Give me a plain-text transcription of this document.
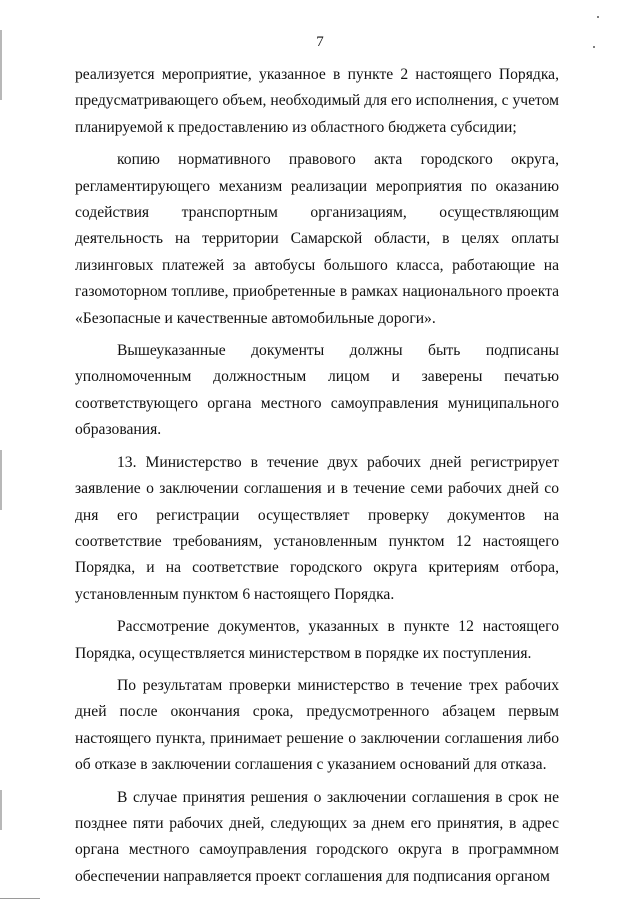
7

реализуется мероприятие, указанное в пункте 2 настоящего Порядка, предусматривающего объем, необходимый для его исполнения, с учетом планируемой к предоставлению из областного бюджета субсидии;

копию нормативного правового акта городского округа, регламентирующего механизм реализации мероприятия по оказанию содействия транспортным организациям, осуществляющим деятельность на территории Самарской области, в целях оплаты лизинговых платежей за автобусы большого класса, работающие на газомоторном топливе, приобретенные в рамках национального проекта «Безопасные и качественные автомобильные дороги».

Вышеуказанные документы должны быть подписаны уполномоченным должностным лицом и заверены печатью соответствующего органа местного самоуправления муниципального образования.

13. Министерство в течение двух рабочих дней регистрирует заявление о заключении соглашения и в течение семи рабочих дней со дня его регистрации осуществляет проверку документов на соответствие требованиям, установленным пунктом 12 настоящего Порядка, и на соответствие городского округа критериям отбора, установленным пунктом 6 настоящего Порядка.

Рассмотрение документов, указанных в пункте 12 настоящего Порядка, осуществляется министерством в порядке их поступления.

По результатам проверки министерство в течение трех рабочих дней после окончания срока, предусмотренного абзацем первым настоящего пункта, принимает решение о заключении соглашения либо об отказе в заключении соглашения с указанием оснований для отказа.

В случае принятия решения о заключении соглашения в срок не позднее пяти рабочих дней, следующих за днем его принятия, в адрес органа местного самоуправления городского округа в программном обеспечении направляется проект соглашения для подписания органом
